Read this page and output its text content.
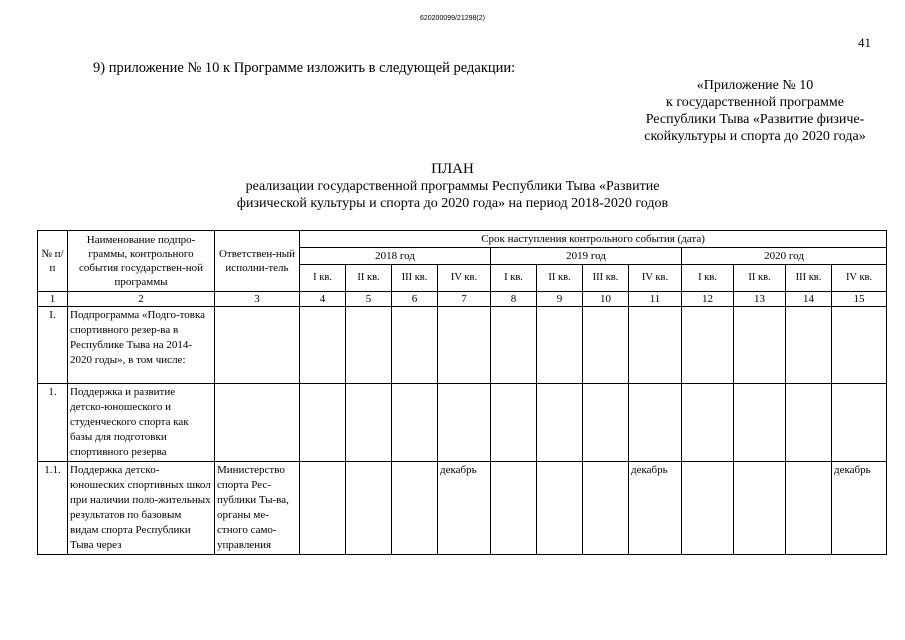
620200099/21298(2)
41
9) приложение № 10 к Программе изложить в следующей редакции:
«Приложение № 10
к государственной программе
Республики Тыва «Развитие физиче-
скойкультуры и спорта до 2020 года»
ПЛАН
реализации государственной программы Республики Тыва «Развитие
физической культуры и спорта до 2020 года» на период 2018-2020 годов
№ п/п	Наименование подпро-граммы, контрольного события государствен-ной программы	Ответствен-ный исполни-тель	Срок наступления контрольного события (дата)											
			2018 год				2019 год				2020 год			
			I кв.	II кв.	III кв.	IV кв.	I кв.	II кв.	III кв.	IV кв.	I кв.	II кв.	III кв.	IV кв.
1	2	3	4	5	6	7	8	9	10	11	12	13	14	15
I.	Подпрограмма «Подго-товка спортивного резер-ва в Республике Тыва на 2014-2020 годы», в том числе:													
1.	Поддержка и развитие детско-юношеского и студенческого спорта как базы для подготовки спортивного резерва													
1.1.	Поддержка детско-юношеских спортивных школ при наличии поло-жительных результатов по базовым видам спорта Республики Тыва через	Министерство спорта Рес-публики Ты-ва, органы ме-стного само-управления				декабрь				декабрь				декабрь
